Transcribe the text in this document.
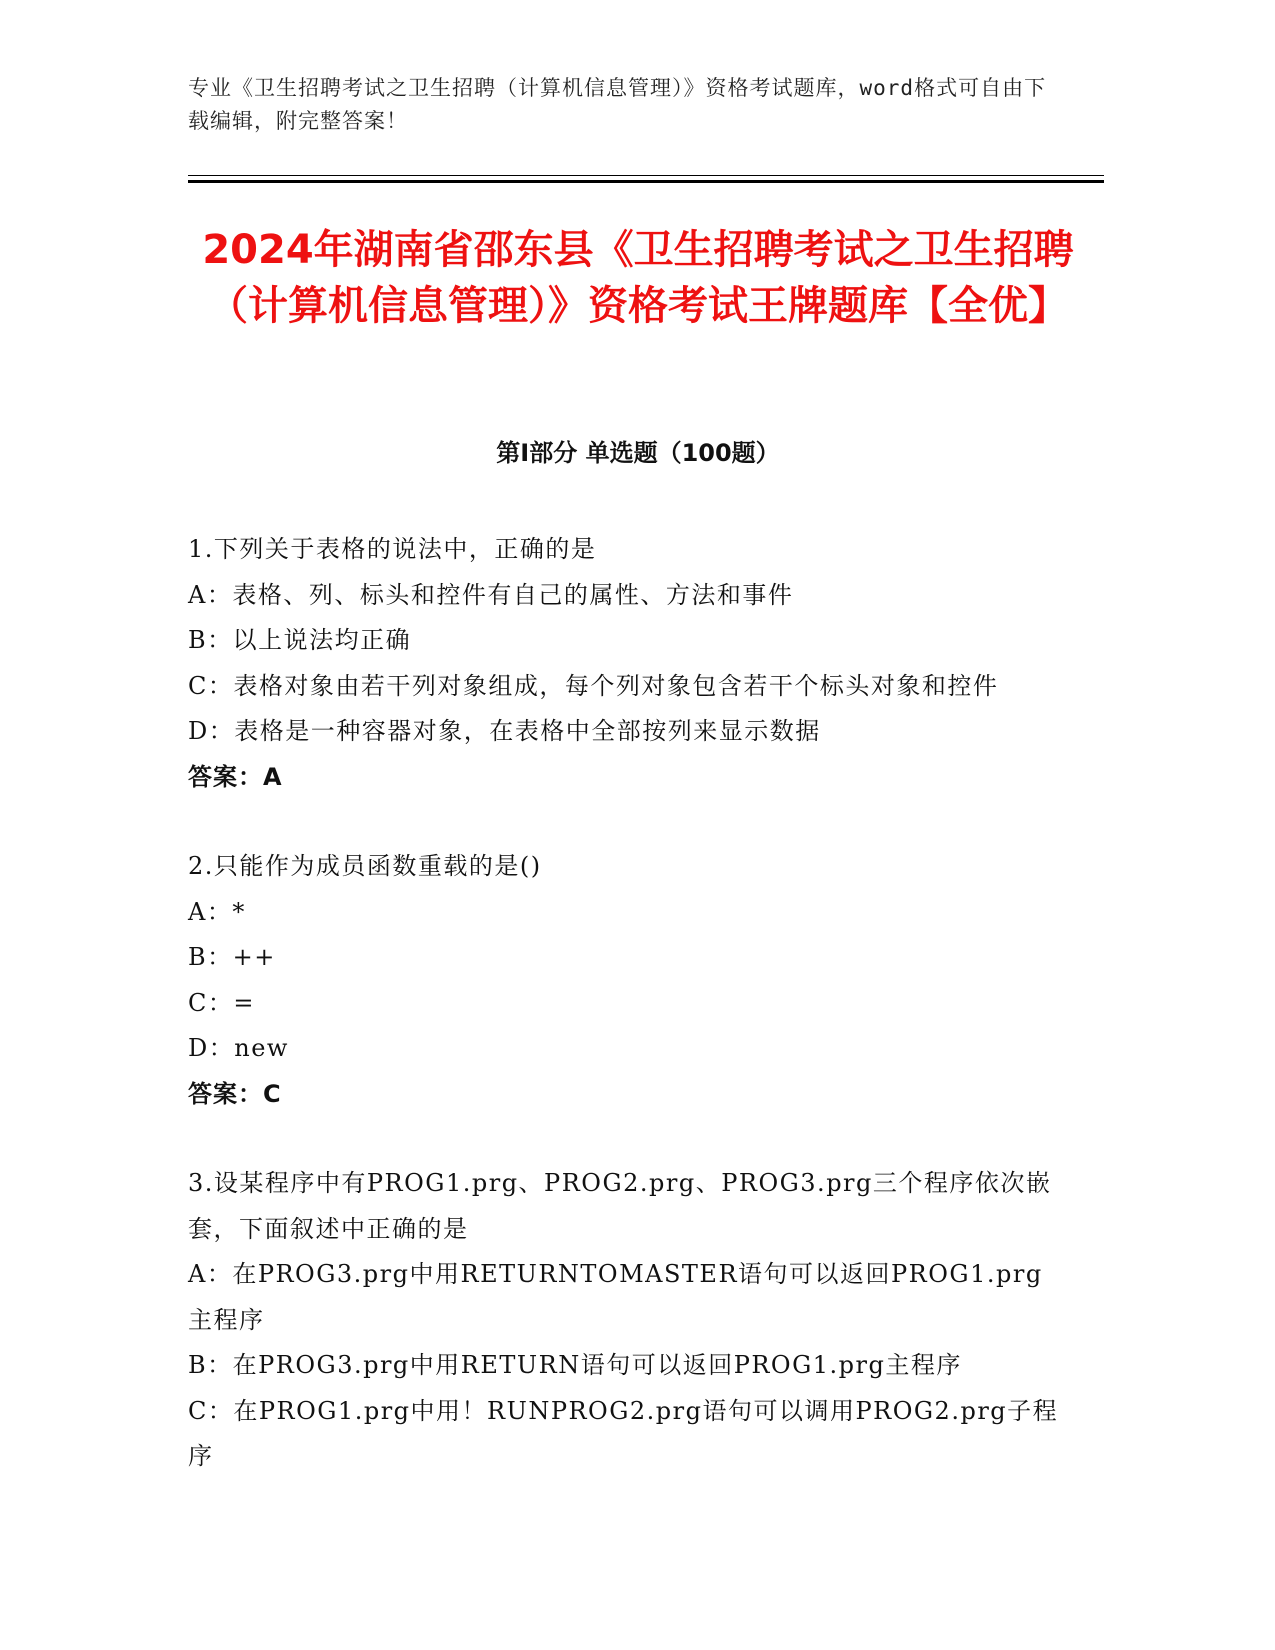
专业《卫生招聘考试之卫生招聘（计算机信息管理）》资格考试题库，word格式可自由下载编辑，附完整答案！
2024年湖南省邵东县《卫生招聘考试之卫生招聘（计算机信息管理）》资格考试王牌题库【全优】
第I部分 单选题（100题）

1.下列关于表格的说法中，正确的是

A：表格、列、标头和控件有自己的属性、方法和事件

B：以上说法均正确

C：表格对象由若干列对象组成，每个列对象包含若干个标头对象和控件

D：表格是一种容器对象，在表格中全部按列来显示数据

答案：A

2.只能作为成员函数重载的是()

A：*

B：++

C：=

D：new

答案：C

3.设某程序中有PROG1.prg、PROG2.prg、PROG3.prg三个程序依次嵌套，下面叙述中正确的是

A：在PROG3.prg中用RETURNTOMASTER语句可以返回PROG1.prg主程序

B：在PROG3.prg中用RETURN语句可以返回PROG1.prg主程序

C：在PROG1.prg中用！RUNPROG2.prg语句可以调用PROG2.prg子程序
